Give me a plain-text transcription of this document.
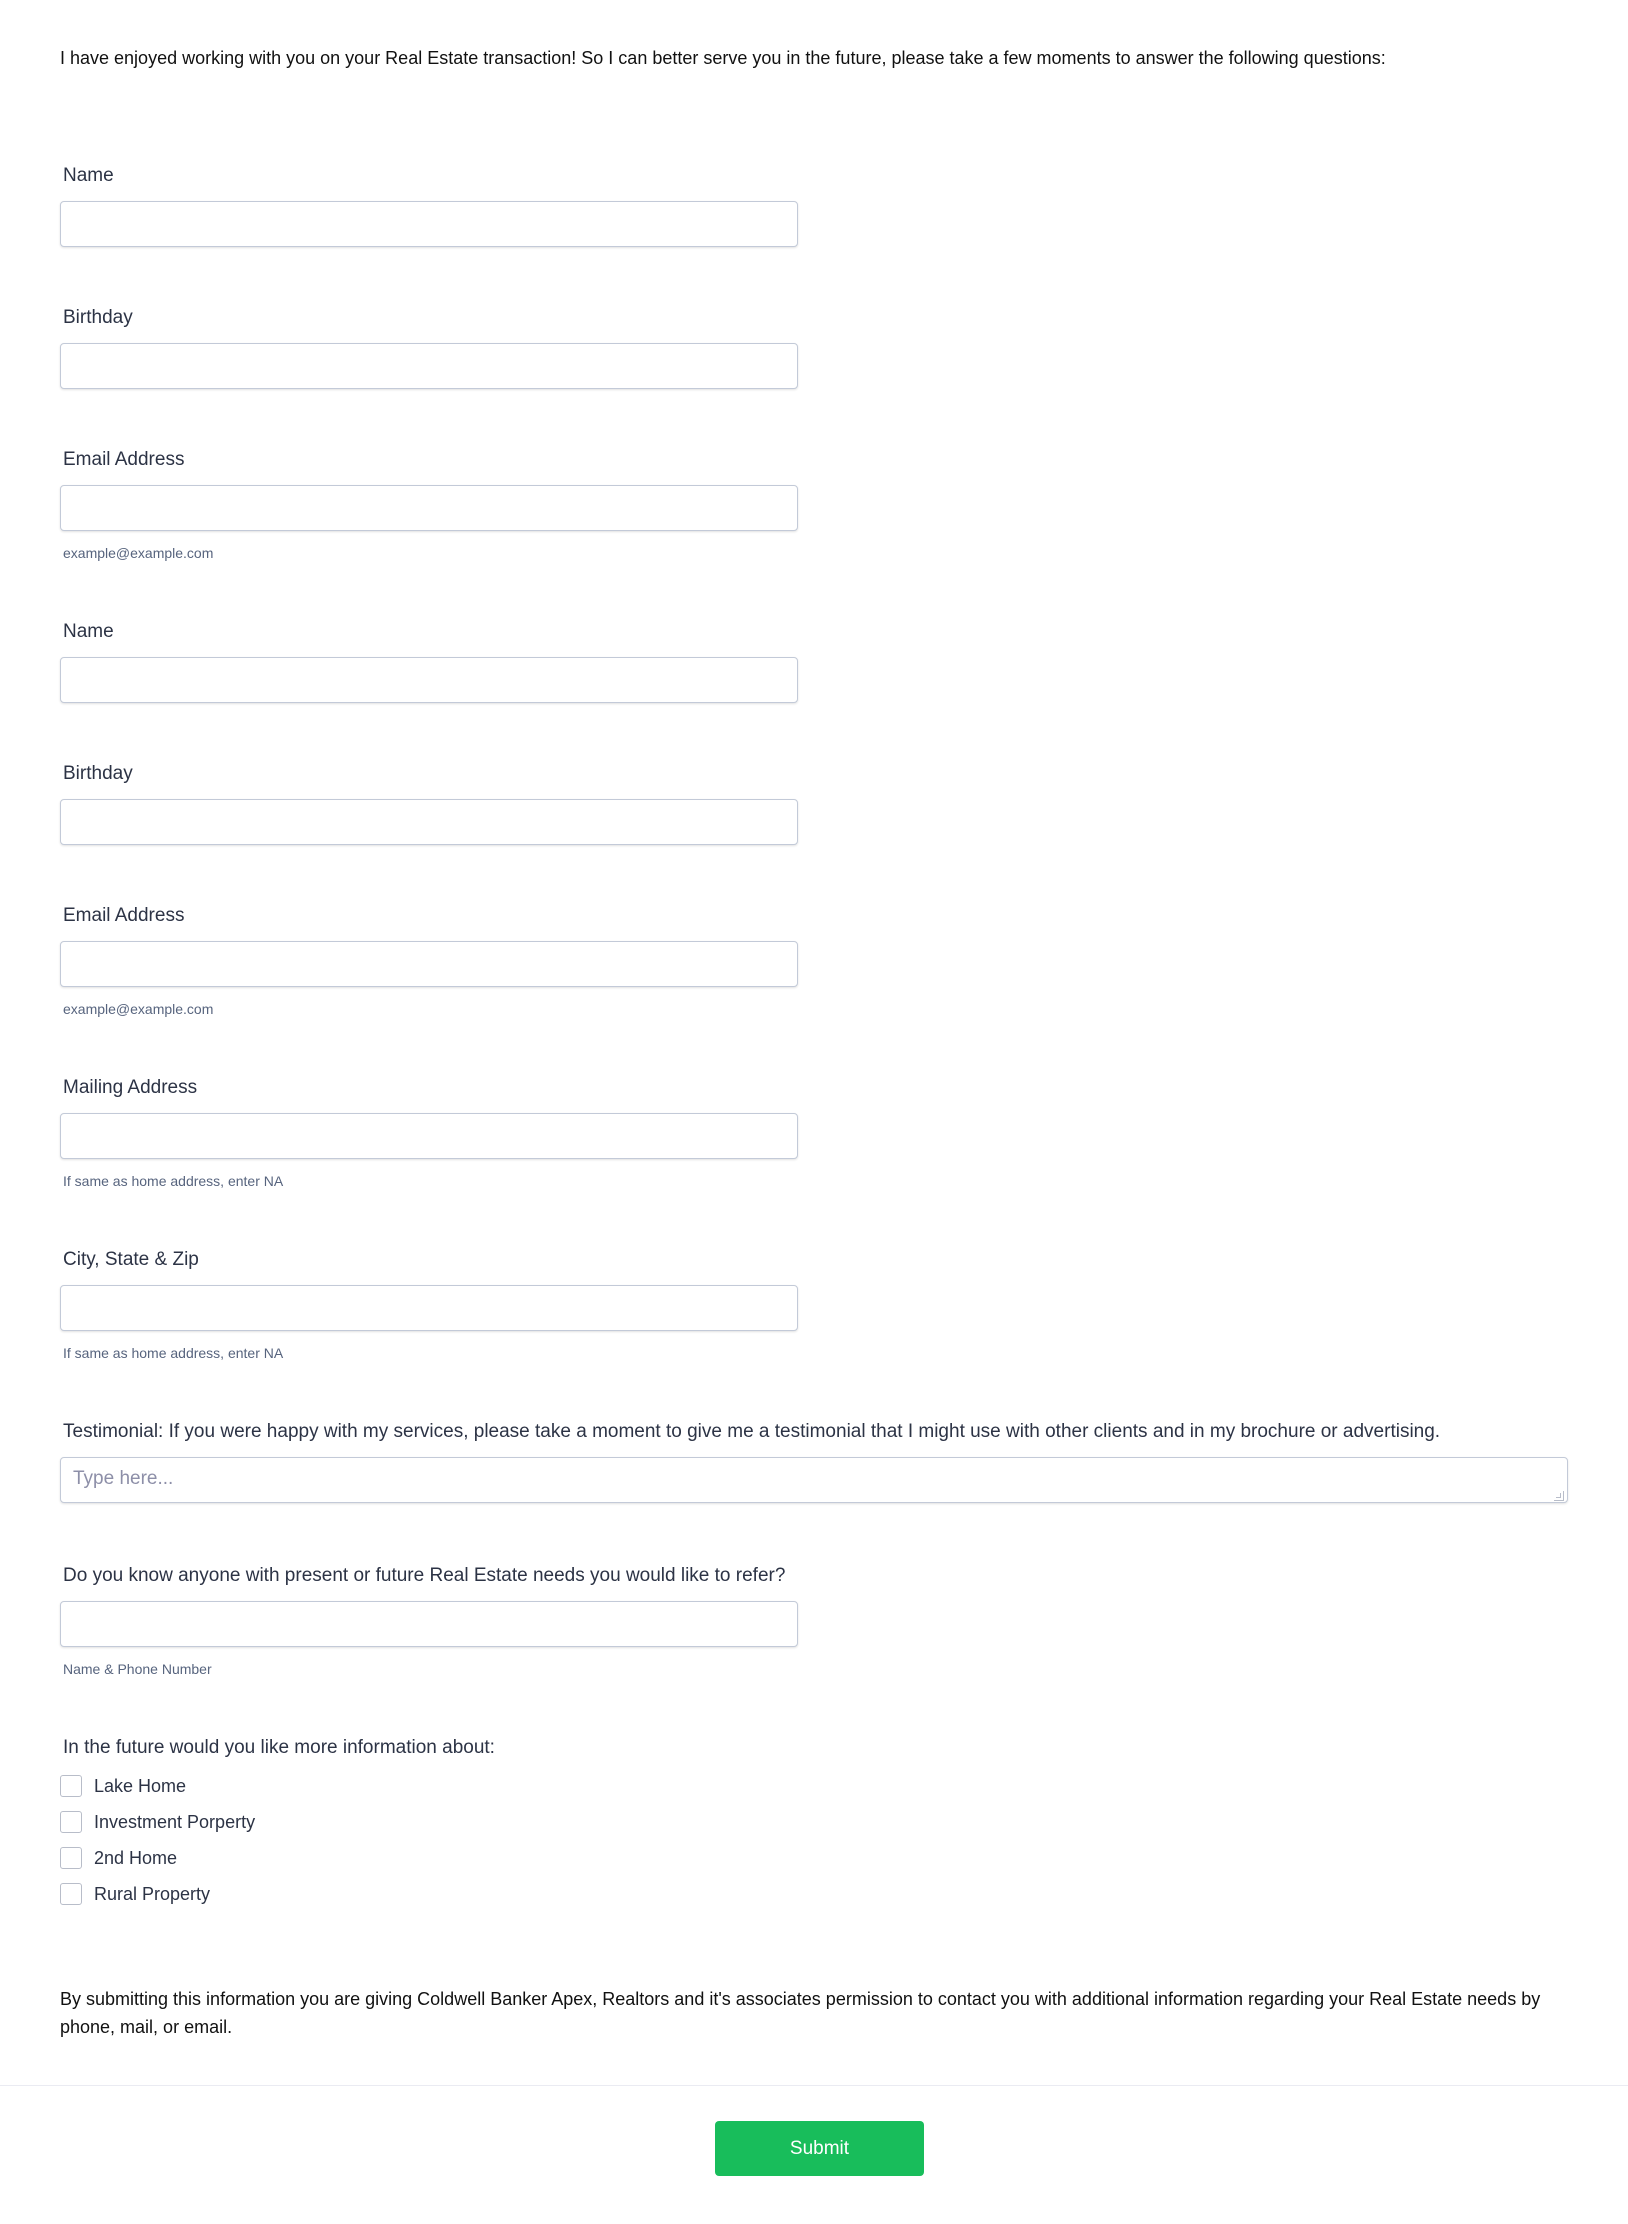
I have enjoyed working with you on your Real Estate transaction! So I can better serve you in the future, please take a few moments to answer the following questions:
Name
Birthday
Email Address
example@example.com
Name
Birthday
Email Address
example@example.com
Mailing Address
If same as home address, enter NA
City, State & Zip
If same as home address, enter NA
Testimonial: If you were happy with my services, please take a moment to give me a testimonial that I might use with other clients and in my brochure or advertising.
Type here...
Do you know anyone with present or future Real Estate needs you would like to refer?
Name & Phone Number
In the future would you like more information about:
Lake Home
Investment Porperty
2nd Home
Rural Property
By submitting this information you are giving Coldwell Banker Apex, Realtors and it's associates permission to contact you with additional information regarding your Real Estate needs by phone, mail, or email.
Submit
